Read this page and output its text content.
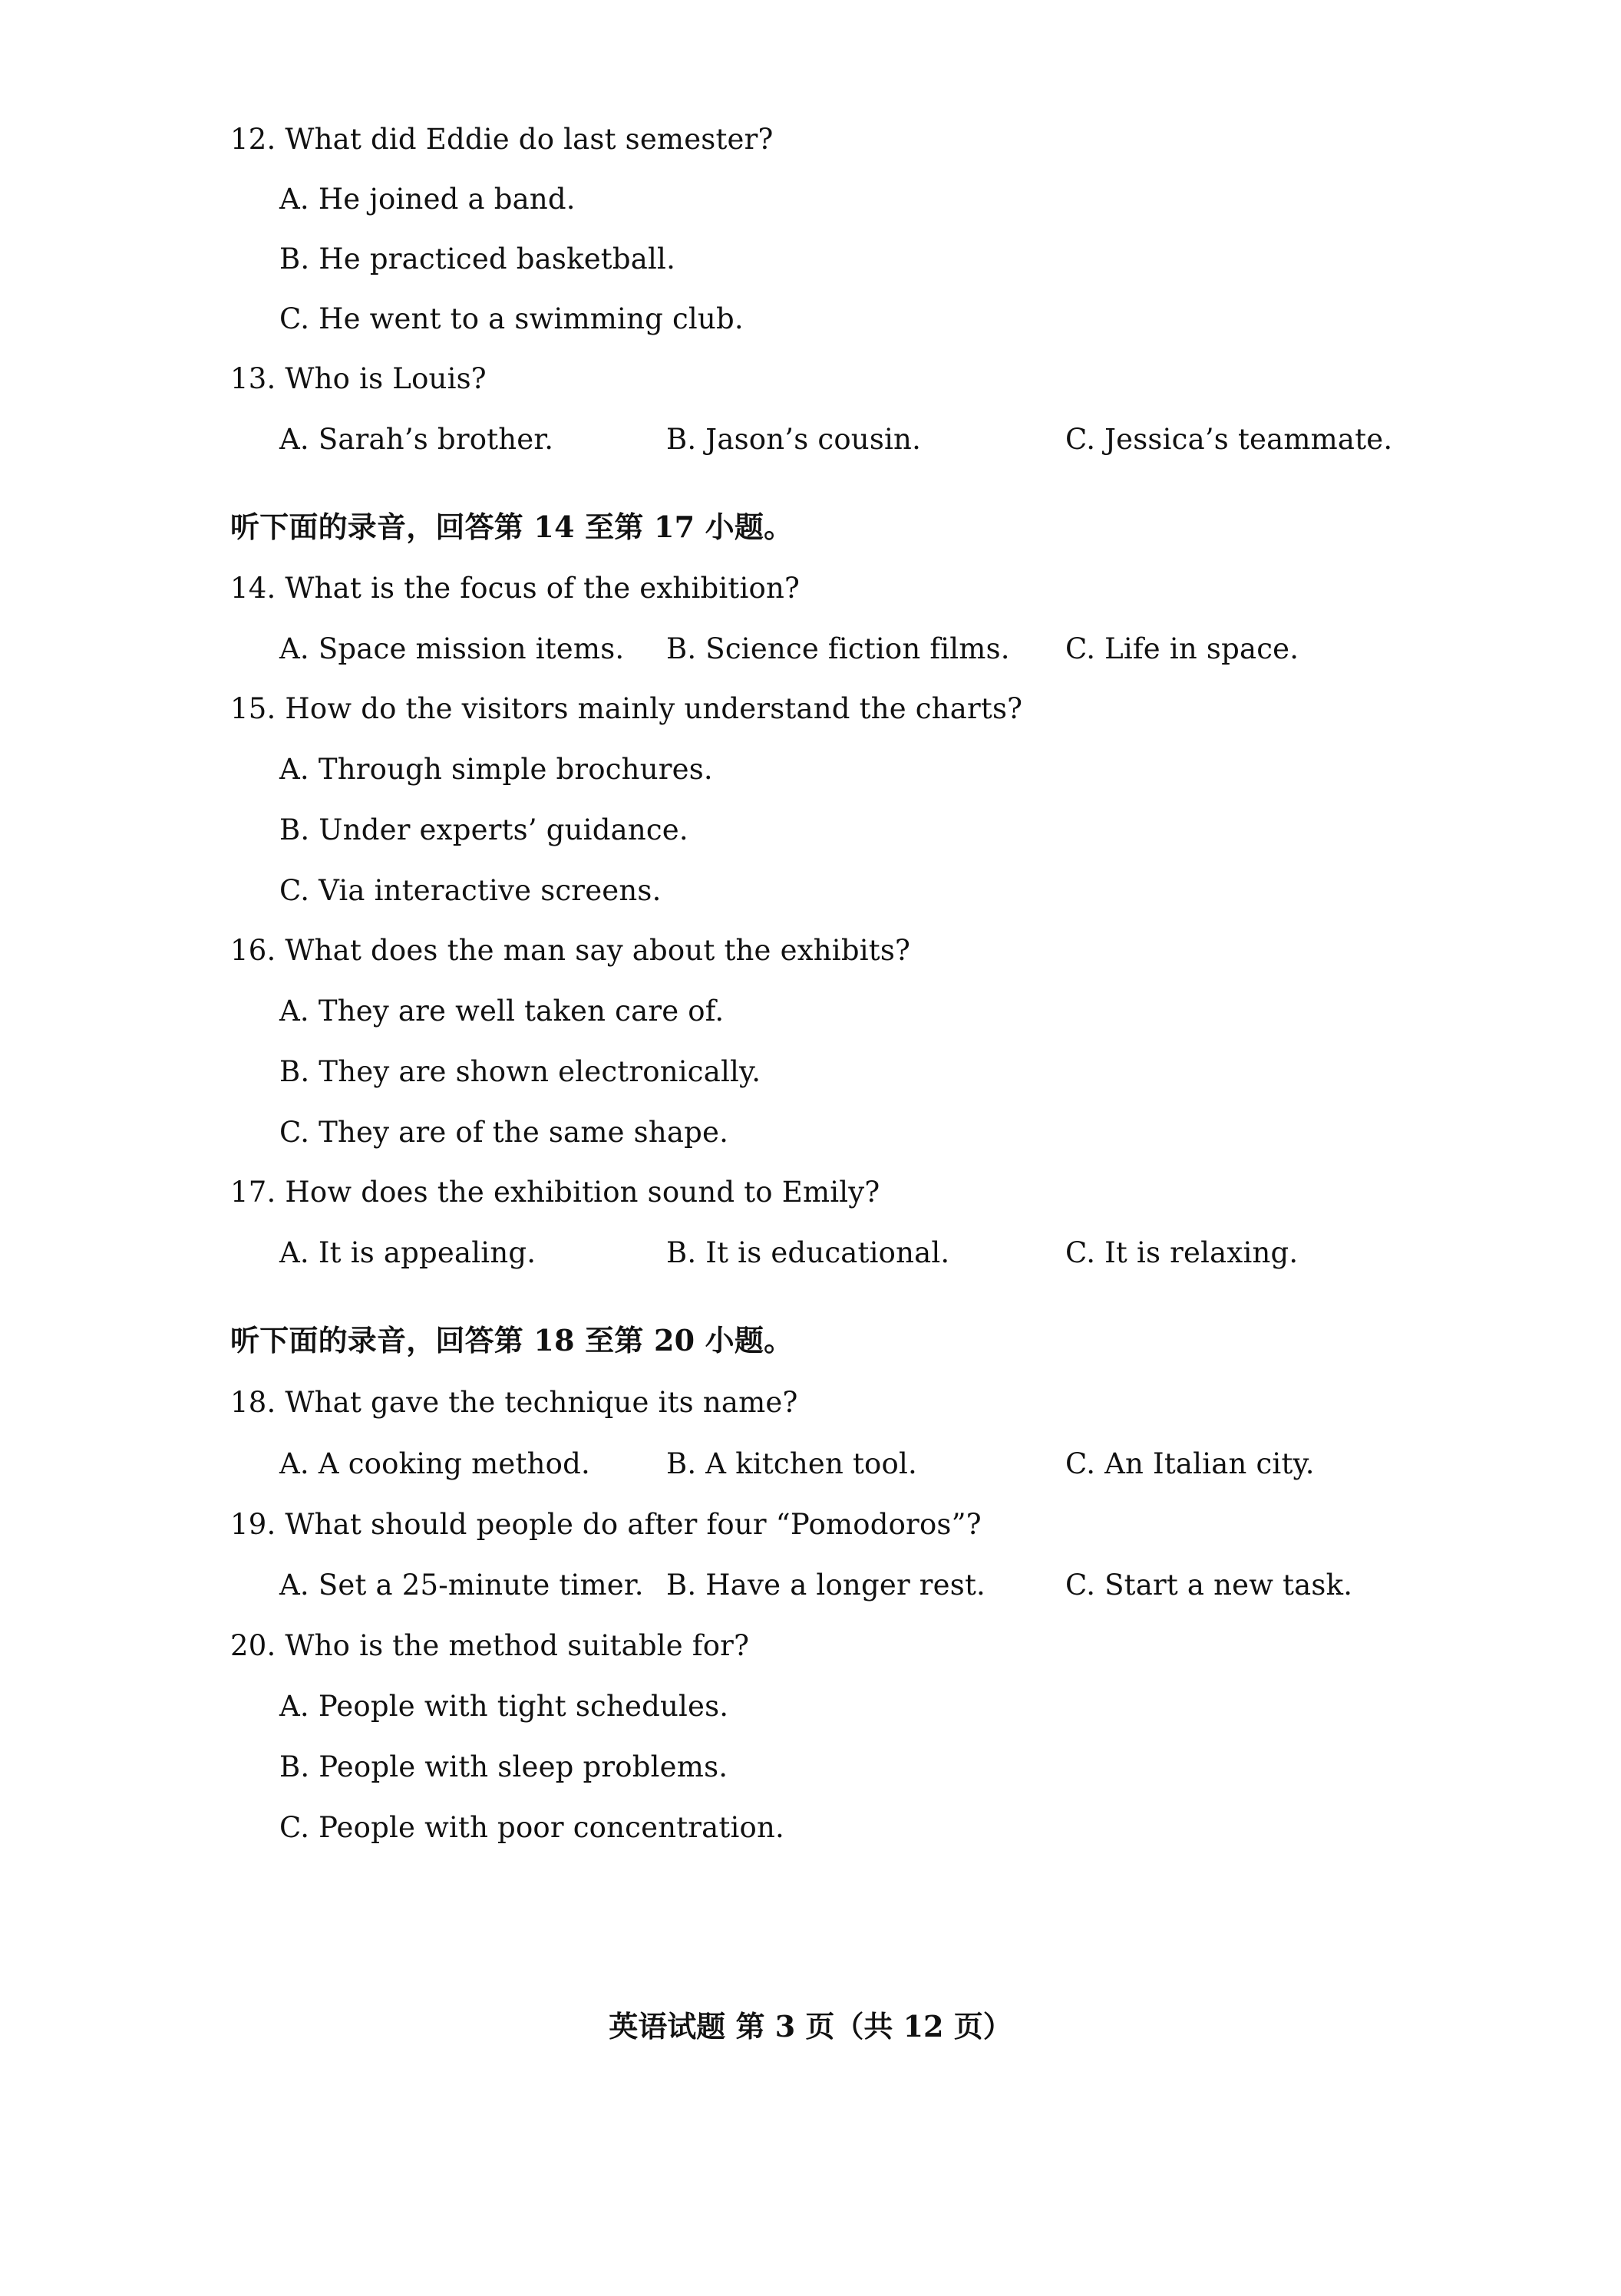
12. What did Eddie do last semester?
A. He joined a band.
B. He practiced basketball.
C. He went to a swimming club.
13. Who is Louis?
A. Sarah’s brother.	B. Jason’s cousin.	C. Jessica’s teammate.
听下面的录音，回答第 14 至第 17 小题。
14. What is the focus of the exhibition?
A. Space mission items. B. Science fiction films. C. Life in space.
15. How do the visitors mainly understand the charts?
A. Through simple brochures.
B. Under experts’ guidance.
C. Via interactive screens.
16. What does the man say about the exhibits?
A. They are well taken care of.
B. They are shown electronically.
C. They are of the same shape.
17. How does the exhibition sound to Emily?
A. It is appealing.	B. It is educational.	C. It is relaxing.
听下面的录音，回答第 18 至第 20 小题。
18. What gave the technique its name?
A. A cooking method.	B. A kitchen tool.	C. An Italian city.
19. What should people do after four “Pomodoros”?
A. Set a 25-minute timer. B. Have a longer rest.	C. Start a new task.
20. Who is the method suitable for?
A. People with tight schedules.
B. People with sleep problems.
C. People with poor concentration.
英语试题 第 3 页（共 12 页）
